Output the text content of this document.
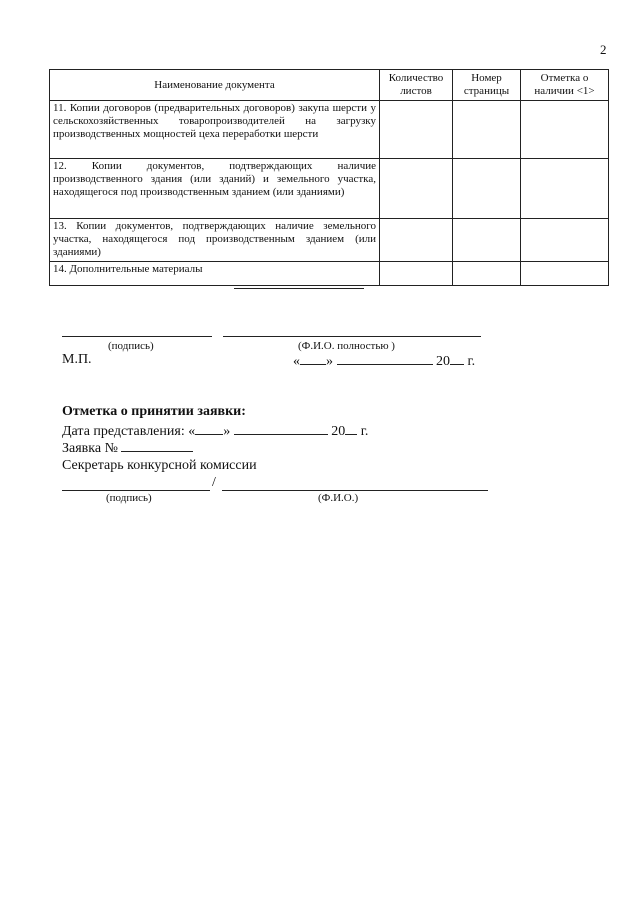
2
Наименование документа	Количество листов	Номер страницы	Отметка о наличии <1>
11. Копии договоров (предварительных договоров) закупа шерсти у сельскохозяйственных товаропроизводителей на загрузку производственных мощностей цеха переработки шерсти			
12. Копии документов, подтверждающих наличие производственного здания (или зданий) и земельного участка, находящегося под производственным зданием (или зданиями)			
13. Копии документов, подтверждающих наличие земельного участка, находящегося под производственным зданием (или зданиями)			
14. Дополнительные материалы			
(подпись)	(Ф.И.О. полностью )
М.П.	« »	20 г.
Отметка о принятии заявки:
Дата представления: « »	20 г.
Заявка №
Секретарь конкурсной комиссии
/
(подпись)	(Ф.И.О.)
